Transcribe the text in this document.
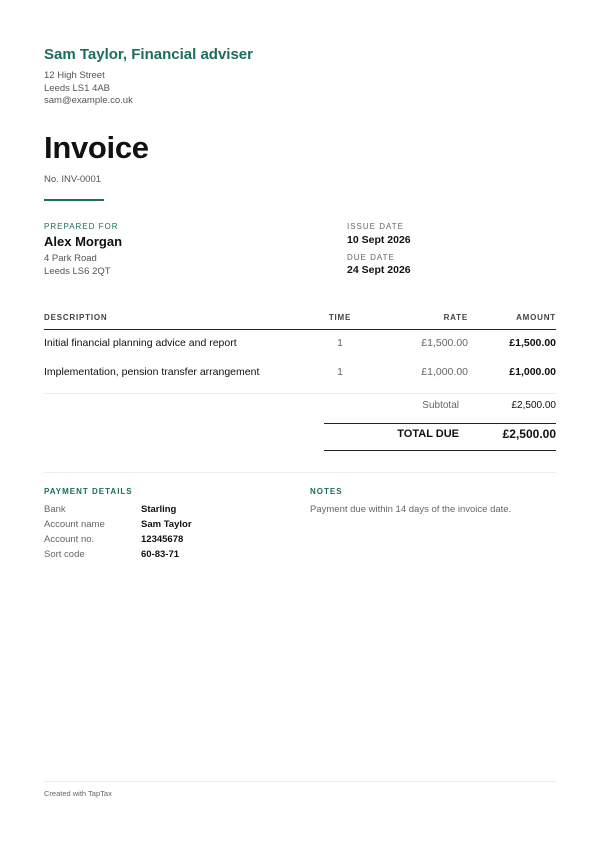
Sam Taylor, Financial adviser
12 High Street
Leeds LS1 4AB
sam@example.co.uk
Invoice
No. INV-0001
PREPARED FOR
Alex Morgan
4 Park Road
Leeds LS6 2QT
ISSUE DATE
10 Sept 2026
DUE DATE
24 Sept 2026
DESCRIPTION	TIME	RATE	AMOUNT
Initial financial planning advice and report	1	£1,500.00	£1,500.00
Implementation, pension transfer arrangement	1	£1,000.00	£1,000.00
Subtotal	£2,500.00
TOTAL DUE	£2,500.00
PAYMENT DETAILS
Bank	Starling
Account name	Sam Taylor
Account no.	12345678
Sort code	60-83-71
NOTES
Payment due within 14 days of the invoice date.
Created with TapTax
